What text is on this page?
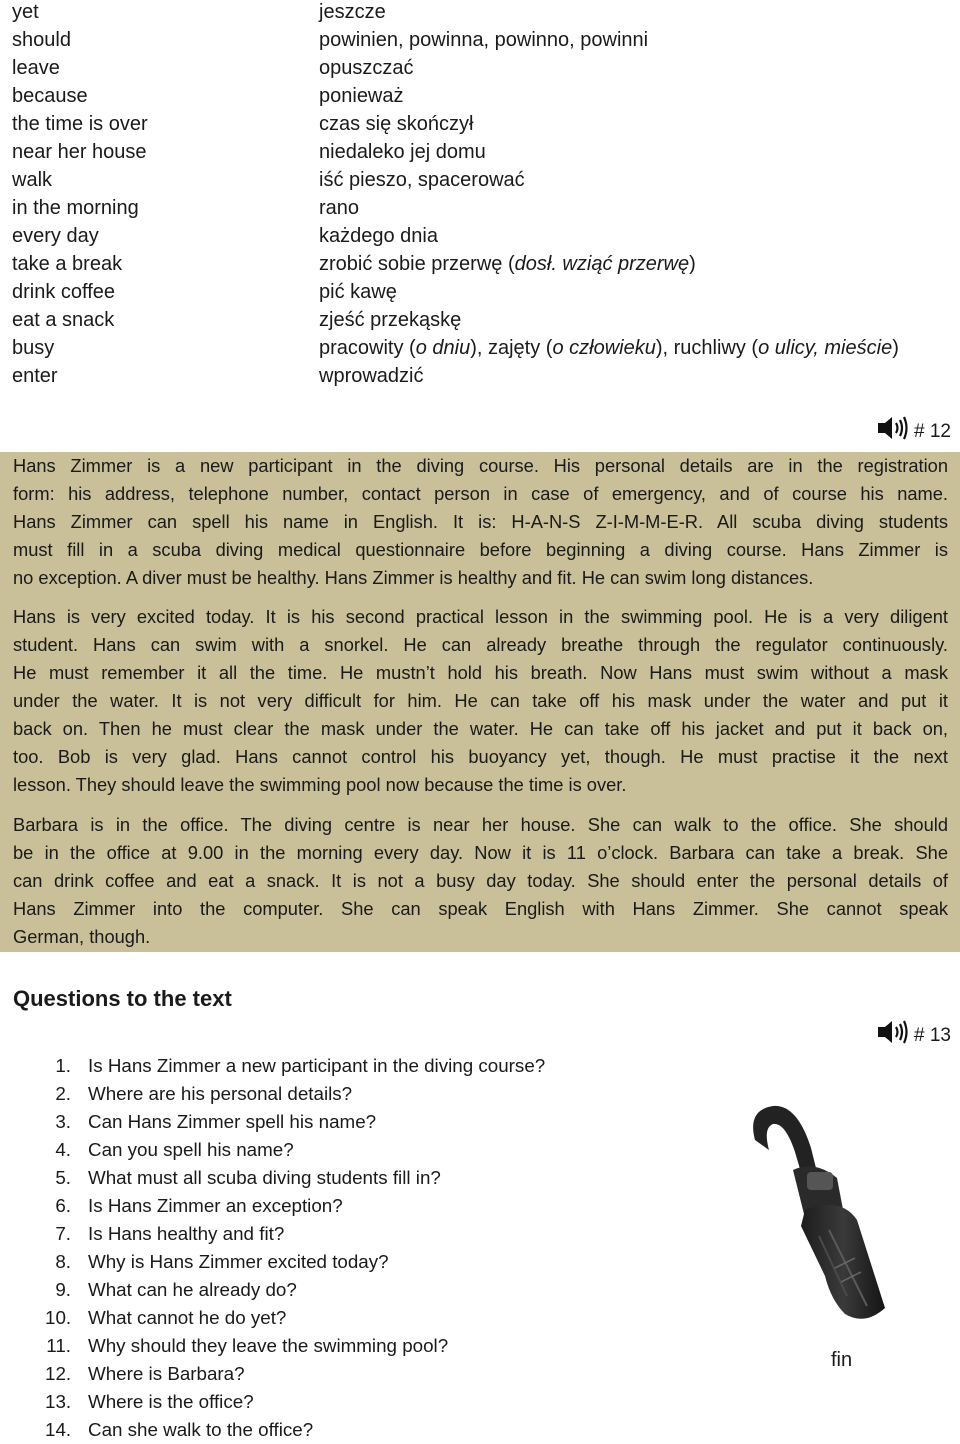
yet	jeszcze
should	powinien, powinna, powinno, powinni
leave	opuszczać
because	ponieważ
the time is over	czas się skończył
near her house	niedaleko jej domu
walk	iść pieszo, spacerować
in the morning	rano
every day	każdego dnia
take a break	zrobić sobie przerwę (dosł. wziąć przerwę)
drink coffee	pić kawę
eat a snack	zjeść przekąskę
busy	pracowity (o dniu), zajęty (o człowieku), ruchliwy (o ulicy, mieście)
enter	wprowadzić
# 12
Hans Zimmer is a new participant in the diving course. His personal details are in the registration
form: his address, telephone number, contact person in case of emergency, and of course his name.
Hans Zimmer can spell his name in English. It is: H-A-N-S Z-I-M-M-E-R. All scuba diving students
must fill in a scuba diving medical questionnaire before beginning a diving course. Hans Zimmer is
no exception. A diver must be healthy. Hans Zimmer is healthy and fit. He can swim long distances.
Hans is very excited today. It is his second practical lesson in the swimming pool. He is a very diligent
student. Hans can swim with a snorkel. He can already breathe through the regulator continuously.
He must remember it all the time. He mustn’t hold his breath. Now Hans must swim without a mask
under the water. It is not very difficult for him. He can take off his mask under the water and put it
back on. Then he must clear the mask under the water. He can take off his jacket and put it back on,
too. Bob is very glad. Hans cannot control his buoyancy yet, though. He must practise it the next
lesson. They should leave the swimming pool now because the time is over.
Barbara is in the office. The diving centre is near her house. She can walk to the office. She should
be in the office at 9.00 in the morning every day. Now it is 11 o’clock. Barbara can take a break. She
can drink coffee and eat a snack. It is not a busy day today. She should enter the personal details of
Hans Zimmer into the computer. She can speak English with Hans Zimmer. She cannot speak
German, though.
Questions to the text
# 13
1. Is Hans Zimmer a new participant in the diving course?
2. Where are his personal details?
3. Can Hans Zimmer spell his name?
4. Can you spell his name?
5. What must all scuba diving students fill in?
6. Is Hans Zimmer an exception?
7. Is Hans healthy and fit?
8. Why is Hans Zimmer excited today?
9. What can he already do?
10. What cannot he do yet?
11. Why should they leave the swimming pool?
12. Where is Barbara?
13. Where is the office?
14. Can she walk to the office?
fin
